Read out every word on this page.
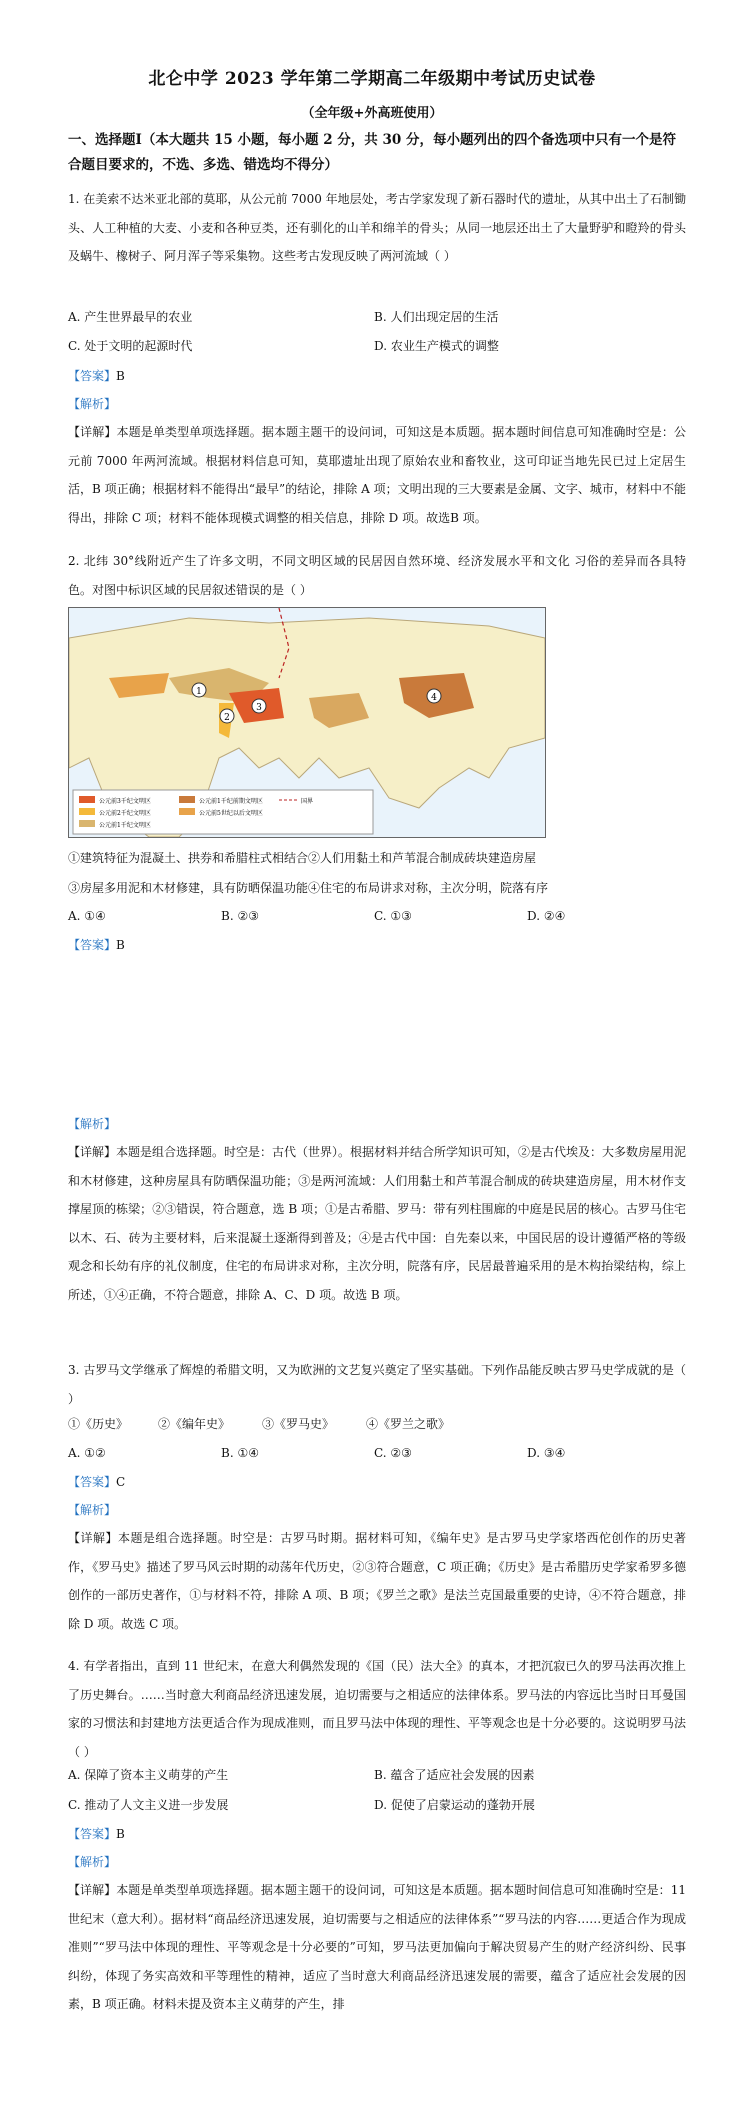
北仑中学 2023 学年第二学期高二年级期中考试历史试卷
（全年级+外高班使用）
一、选择题Ⅰ（本大题共 15 小题，每小题 2 分，共 30 分，每小题列出的四个备选项中只有一个是符合题目要求的，不选、多选、错选均不得分）
1. 在美索不达米亚北部的莫耶，从公元前 7000 年地层处，考古学家发现了新石器时代的遗址，从其中出土了石制锄头、人工种植的大麦、小麦和各种豆类，还有驯化的山羊和绵羊的骨头；从同一地层还出土了大量野驴和瞪羚的骨头及蜗牛、橡树子、阿月浑子等采集物。这些考古发现反映了两河流域（ ）
A. 产生世界最早的农业	B. 人们出现定居的生活
C. 处于文明的起源时代	D. 农业生产模式的调整
【答案】B
【解析】
【详解】本题是单类型单项选择题。据本题主题干的设问词，可知这是本质题。据本题时间信息可知准确时空是：公元前 7000 年两河流域。根据材料信息可知，莫耶遗址出现了原始农业和畜牧业，这可印证当地先民已过上定居生活，B 项正确；根据材料不能得出“最早”的结论，排除 A 项；文明出现的三大要素是金属、文字、城市，材料中不能得出，排除 C 项；材料不能体现模式调整的相关信息，排除 D 项。故选B 项。
2. 北纬 30°线附近产生了许多文明，不同文明区域的民居因自然环境、经济发展水平和文化 习俗的差异而各具特色。对图中标识区域的民居叙述错误的是（ ）
1
2
3
4
公元前3千纪文明区
公元前2千纪文明区
公元前1千纪文明区
公元前1千纪前期文明区
公元前5世纪以后文明区
国界
①建筑特征为混凝土、拱券和希腊柱式相结合②人们用黏土和芦苇混合制成砖块建造房屋
③房屋多用泥和木材修建，具有防晒保温功能④住宅的布局讲求对称，主次分明，院落有序
A. ①④	B. ②③	C. ①③	D. ②④
【答案】B
【解析】
【详解】本题是组合选择题。时空是：古代（世界）。根据材料并结合所学知识可知，②是古代埃及：大多数房屋用泥和木材修建，这种房屋具有防晒保温功能；③是两河流域：人们用黏土和芦苇混合制成的砖块建造房屋，用木材作支撑屋顶的栋梁；②③错误，符合题意，选 B 项；①是古希腊、罗马：带有列柱围廊的中庭是民居的核心。古罗马住宅以木、石、砖为主要材料，后来混凝土逐渐得到普及；④是古代中国：自先秦以来，中国民居的设计遵循严格的等级观念和长幼有序的礼仪制度，住宅的布局讲求对称，主次分明，院落有序，民居最普遍采用的是木构抬梁结构，综上所述，①④正确，不符合题意，排除 A、C、D 项。故选 B 项。
3. 古罗马文学继承了辉煌的希腊文明，又为欧洲的文艺复兴奠定了坚实基础。下列作品能反映古罗马史学成就的是（ ）
①《历史》 ②《编年史》	③《罗马史》	④《罗兰之歌》
A. ①②	B. ①④	C. ②③	D. ③④
【答案】C
【解析】
【详解】本题是组合选择题。时空是：古罗马时期。据材料可知，《编年史》是古罗马史学家塔西佗创作的历史著作，《罗马史》描述了罗马风云时期的动荡年代历史，②③符合题意，C 项正确；《历史》是古希腊历史学家希罗多德创作的一部历史著作，①与材料不符，排除 A 项、B 项；《罗兰之歌》是法兰克国最重要的史诗，④不符合题意，排除 D 项。故选 C 项。
4. 有学者指出，直到 11 世纪末，在意大利偶然发现的《国（民）法大全》的真本，才把沉寂已久的罗马法再次推上了历史舞台。……当时意大利商品经济迅速发展，迫切需要与之相适应的法律体系。罗马法的内容远比当时日耳曼国家的习惯法和封建地方法更适合作为现成准则，而且罗马法中体现的理性、平等观念也是十分必要的。这说明罗马法（ ）
A. 保障了资本主义萌芽的产生	B. 蕴含了适应社会发展的因素
C. 推动了人文主义进一步发展	D. 促使了启蒙运动的蓬勃开展
【答案】B
【解析】
【详解】本题是单类型单项选择题。据本题主题干的设问词，可知这是本质题。据本题时间信息可知准确时空是：11 世纪末（意大利）。据材料“商品经济迅速发展，迫切需要与之相适应的法律体系”“罗马法的内容……更适合作为现成准则”“罗马法中体现的理性、平等观念是十分必要的”可知，罗马法更加偏向于解决贸易产生的财产经济纠纷、民事纠纷，体现了务实高效和平等理性的精神，适应了当时意大利商品经济迅速发展的需要，蕴含了适应社会发展的因素，B 项正确。材料未提及资本主义萌芽的产生，排
